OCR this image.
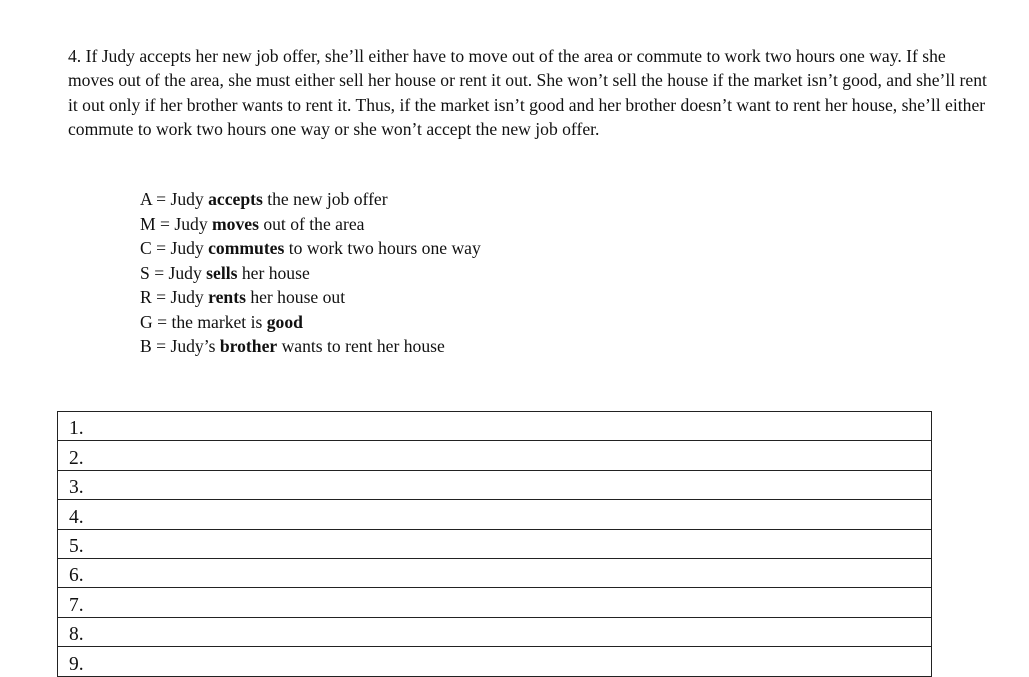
4. If Judy accepts her new job offer, she’ll either have to move out of the area or commute to work two hours one way. If she moves out of the area, she must either sell her house or rent it out. She won’t sell the house if the market isn’t good, and she’ll rent it out only if her brother wants to rent it. Thus, if the market isn’t good and her brother doesn’t want to rent her house, she’ll either commute to work two hours one way or she won’t accept the new job offer.

A = Judy accepts the new job offer
M = Judy moves out of the area
C = Judy commutes to work two hours one way
S = Judy sells her house
R = Judy rents her house out
G = the market is good
B = Judy’s brother wants to rent her house
1.
2.
3.
4.
5.
6.
7.
8.
9.
